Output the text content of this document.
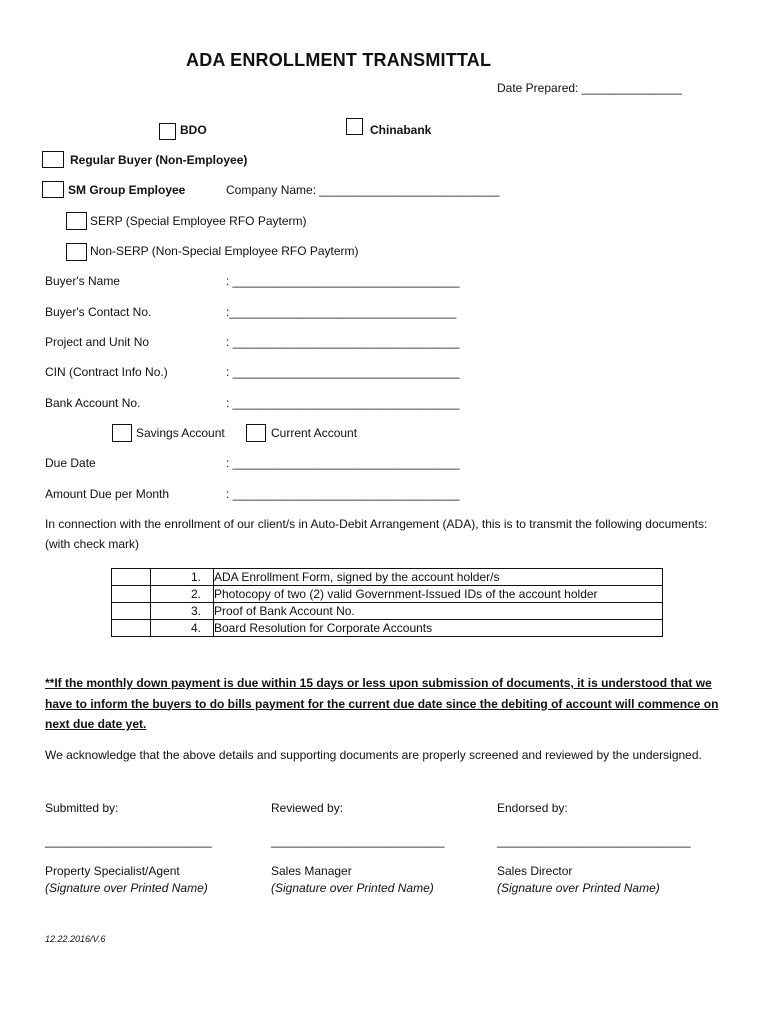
ADA ENROLLMENT TRANSMITTAL
Date Prepared: _______________
BDO	Chinabank
Regular Buyer (Non-Employee)
SM Group Employee	Company Name: ___________________________
SERP (Special Employee RFO Payterm)
Non-SERP (Non-Special Employee RFO Payterm)
Buyer's Name	: __________________________________
Buyer's Contact No.	:__________________________________
Project and Unit No	: __________________________________
CIN (Contract Info No.)	: __________________________________
Bank Account No.	: __________________________________
Savings Account	Current Account
Due Date	: __________________________________
Amount Due per Month	: __________________________________
In connection with the enrollment of our client/s in Auto-Debit Arrangement (ADA), this is to transmit the following documents: (with check mark)
	1.	ADA Enrollment Form, signed by the account holder/s
	2.	Photocopy of two (2) valid Government-Issued IDs of the account holder
	3.	Proof of Bank Account No.
	4.	Board Resolution for Corporate Accounts
**If the monthly down payment is due within 15 days or less upon submission of documents, it is understood that we have to inform the buyers to do bills payment for the current due date since the debiting of account will commence on next due date yet.
We acknowledge that the above details and supporting documents are properly screened and reviewed by the undersigned.
Submitted by:	Reviewed by:	Endorsed by:
_________________________	__________________________	_____________________________
Property Specialist/Agent	Sales Manager	Sales Director
(Signature over Printed Name)	(Signature over Printed Name)	(Signature over Printed Name)
12.22.2016/V.6
